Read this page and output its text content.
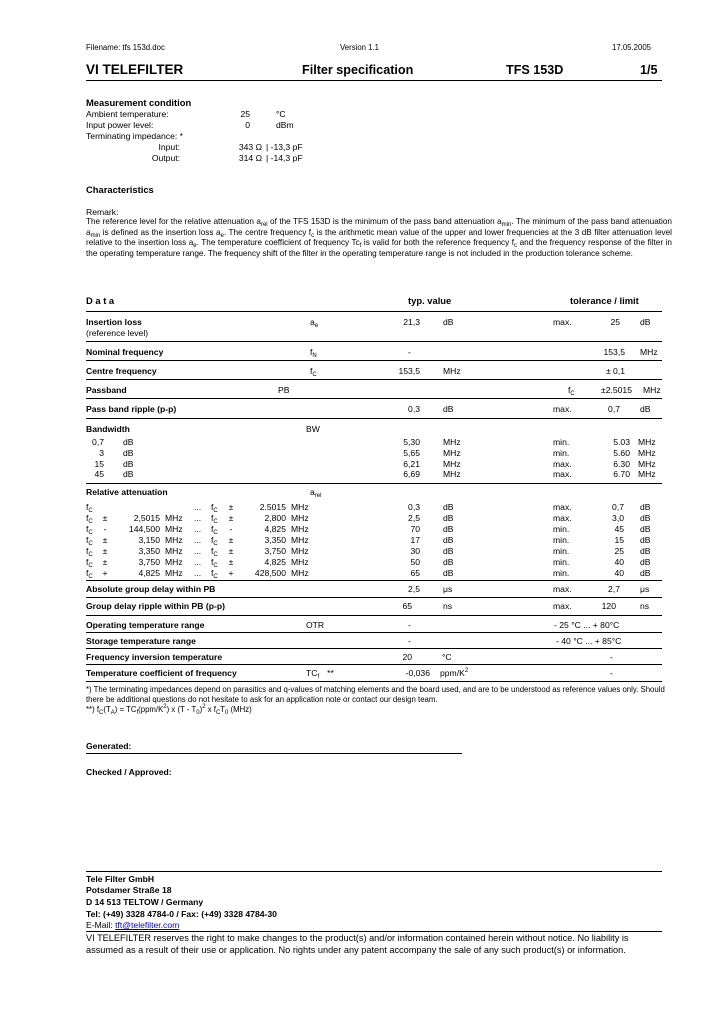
Filename: tfs 153d.doc	Version 1.1	17.05.2005
VI TELEFILTER	Filter specification	TFS 153D	1/5
Measurement condition
Ambient temperature:	25	°C
Input power level:	0	dBm
Terminating impedance: *
Input:	343 Ω | -13,3 pF
Output:	314 Ω | -14,3 pF
Characteristics
Remark:
The reference level for the relative attenuation $a_{rel}$ of the TFS 153D is the minimum of the pass band attenuation $a_{min}$. The minimum of the pass band attenuation $a_{min}$ is defined as the insertion loss $a_e$. The centre frequency $f_c$ is the arithmetic mean value of the upper and lower frequencies at the 3 dB filter attenuation level relative to the insertion loss $a_e$. The temperature coefficient of frequency $Tc_f$ is valid for both the reference frequency $f_c$ and the frequency response of the filter in the operating temperature range. The frequency shift of the filter in the operating temperature range is not included in the production tolerance scheme.
D a t a	typ. value	tolerance / limit
Insertion loss
(reference level)
$a_e$	21,3	dB	max.	25 dB
Nominal frequency	$f_N$	-	153,5 MHz
Centre frequency	$f_C$	153,5	MHz	± 0,1
Passband	PB	$f_C$	±2.5015 MHz
Pass band ripple (p-p)	0,3	dB	max.	0,7 dB
Bandwidth	BW
0,7 dB	5,30	MHz	min.	5.03 MHz
3 dB	5,65	MHz	min.	5.60 MHz
15 dB	6,21	MHz	max.	6.30 MHz
45 dB	6,69	MHz	max.	6.70 MHz
Relative attenuation	$a_{rel}$
$f_C$	... $f_C$	±	2.5015 MHz	0,3	dB	max.	0,7 dB
$f_C$	±	2,5015 MHz ... $f_C$	±	2,800 MHz	2,5	dB	max.	3,0 dB
$f_C$	-	144,500 MHz ... $f_C$	-	4,825 MHz	70	dB	min.	45 dB
$f_C$	±	3,150 MHz ... $f_C$	±	3,350 MHz	17	dB	min.	15 dB
$f_C$	±	3,350 MHz ... $f_C$	±	3,750 MHz	30	dB	min.	25 dB
$f_C$	±	3,750 MHz ... $f_C$	±	4,825 MHz	50	dB	min.	40 dB
$f_C$	+	4,825 MHz ... $f_C$	+	428,500 MHz	65	dB	min.	40 dB
Absolute group delay within PB	2,5	μs	max.	2,7 μs
Group delay ripple within PB (p-p)	65	ns	max.	120	ns
Operating temperature range	OTR	-	- 25 °C ... + 80°C
Storage temperature range	-	- 40 °C ... + 85°C
Frequency inversion temperature	20	°C	-
Temperature coefficient of frequency	$TC_f$ **	-0,036 ppm/$K^2$	-
*) The terminating impedances depend on parasitics and q-values of matching elements and the board used, and are to be understood as reference values only. Should there be additional questions do not hesitate to ask for an application note or contact our design team.
**) $f_C(T_A) = TC_f(ppm/K^2)$ x $(T - T_0)^2$ x $f_CT_0$ (MHz)
Generated:
Checked / Approved:
Tele Filter GmbH
Potsdamer Straße 18
D 14 513 TELTOW / Germany
Tel: (+49) 3328 4784-0 / Fax: (+49) 3328 4784-30
E-Mail: tft@telefilter.com
VI TELEFILTER reserves the right to make changes to the product(s) and/or information contained herein without notice. No liability is assumed as a result of their use or application. No rights under any patent accompany the sale of any such product(s) or information.
